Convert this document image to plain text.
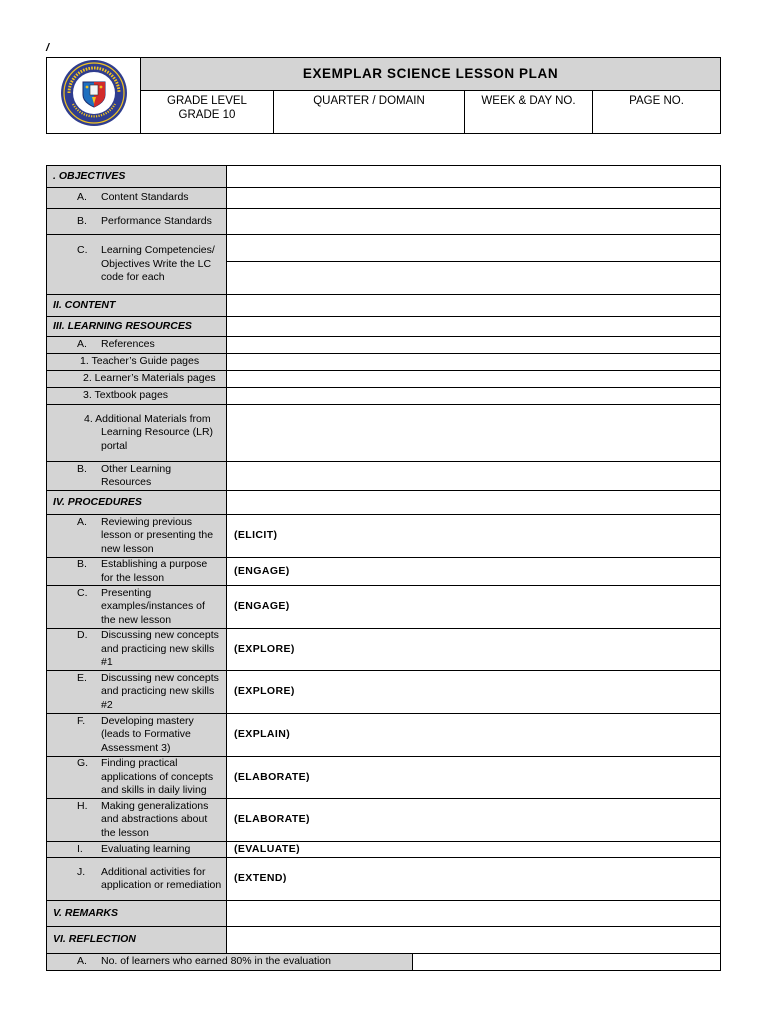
/
	EXEMPLAR SCIENCE LESSON PLAN			
	GRADE LEVEL
GRADE 10	QUARTER / DOMAIN	WEEK & DAY NO.	PAGE NO.
. OBJECTIVES		

A. Content Standards		

B. Performance Standards		

C. Learning Competencies/ Objectives Write the LC code for each		

II. CONTENT		
III. LEARNING RESOURCES		

A. References		

1. Teacher’s Guide pages		
2. Learner’s Materials pages		
3. Textbook pages		
4. Additional Materials from
Learning Resource (LR) portal		

B. Other Learning Resources		

IV. PROCEDURES		

A. Reviewing previous lesson or presenting the new lesson	(ELICIT)	

B. Establishing a purpose for the lesson	(ENGAGE)	

C. Presenting examples/instances of the new lesson	(ENGAGE)	

D. Discussing new concepts and practicing new skills #1	(EXPLORE)	

E. Discussing new concepts and practicing new skills #2	(EXPLORE)	

F. Developing mastery (leads to Formative Assessment 3)	(EXPLAIN)	

G. Finding practical applications of concepts and skills in daily living	(ELABORATE)	

H. Making generalizations and abstractions about the lesson	(ELABORATE)	

I. Evaluating learning	(EVALUATE)	

J. Additional activities for application or remediation	(EXTEND)	
V. REMARKS		
VI. REFLECTION		

A. No. of learners who earned 80% in the evaluation		
